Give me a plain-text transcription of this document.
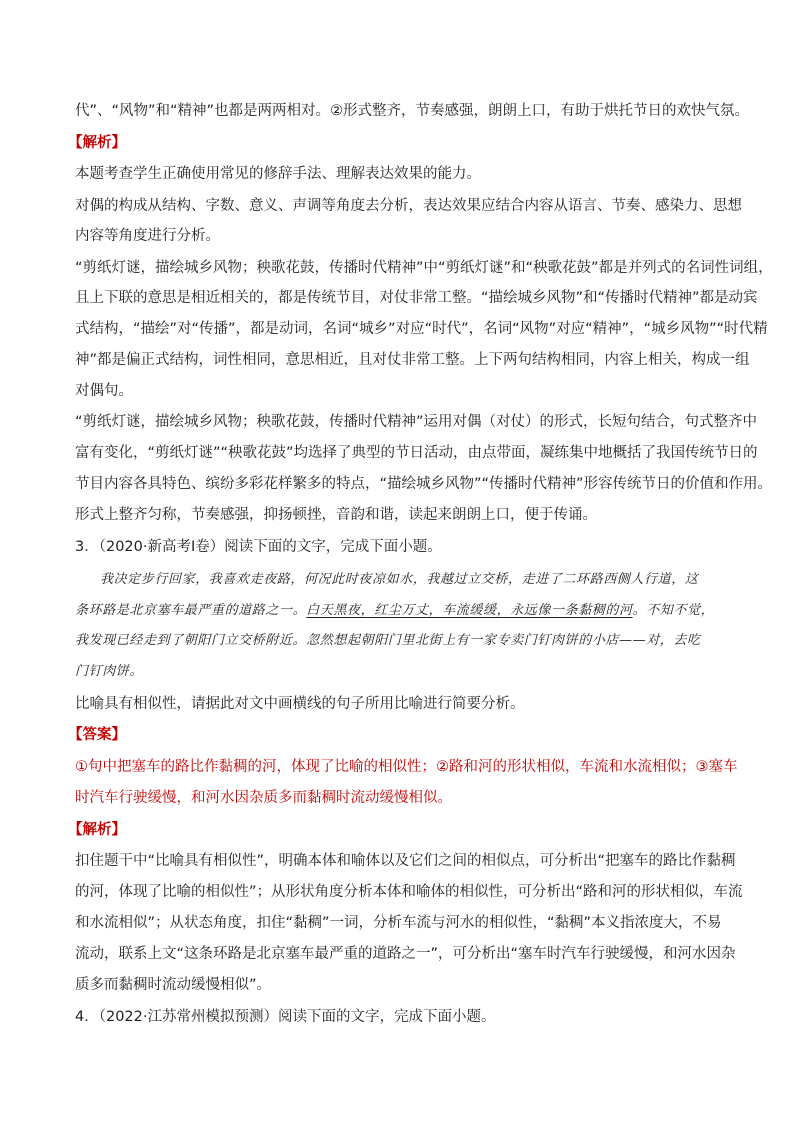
代”、“风物”和“精神”也都是两两相对。②形式整齐，节奏感强，朗朗上口，有助于烘托节日的欢快气氛。
【解析】
本题考查学生正确使用常见的修辞手法、理解表达效果的能力。
对偶的构成从结构、字数、意义、声调等角度去分析，表达效果应结合内容从语言、节奏、感染力、思想
内容等角度进行分析。
“剪纸灯谜，描绘城乡风物；秧歌花鼓，传播时代精神”中“剪纸灯谜”和“秧歌花鼓”都是并列式的名词性词组，
且上下联的意思是相近相关的，都是传统节目，对仗非常工整。“描绘城乡风物”和“传播时代精神”都是动宾
式结构，“描绘”对“传播”，都是动词，名词“城乡”对应“时代”，名词“风物”对应“精神”，“城乡风物”“时代精
神”都是偏正式结构，词性相同，意思相近，且对仗非常工整。上下两句结构相同，内容上相关，构成一组
对偶句。
“剪纸灯谜，描绘城乡风物；秧歌花鼓，传播时代精神”运用对偶（对仗）的形式，长短句结合，句式整齐中
富有变化，“剪纸灯谜”“秧歌花鼓”均选择了典型的节日活动，由点带面，凝练集中地概括了我国传统节日的
节目内容各具特色、缤纷多彩花样繁多的特点，“描绘城乡风物”“传播时代精神”形容传统节日的价值和作用。
形式上整齐匀称，节奏感强，抑扬顿挫，音韵和谐，读起来朗朗上口，便于传诵。
3．（2020·新高考Ⅰ卷）阅读下面的文字，完成下面小题。
我决定步行回家，我喜欢走夜路，何况此时夜凉如水，我越过立交桥，走进了二环路西侧人行道，这
条环路是北京塞车最严重的道路之一。白天黑夜，红尘万丈，车流缓缓，永远像一条黏稠的河。不知不觉，
我发现已经走到了朝阳门立交桥附近。忽然想起朝阳门里北街上有一家专卖门钉肉饼的小店——对，去吃
门钉肉饼。
比喻具有相似性，请据此对文中画横线的句子所用比喻进行简要分析。
【答案】
①句中把塞车的路比作黏稠的河，体现了比喻的相似性；②路和河的形状相似，车流和水流相似；③塞车
时汽车行驶缓慢，和河水因杂质多而黏稠时流动缓慢相似。
【解析】
扣住题干中“比喻具有相似性”，明确本体和喻体以及它们之间的相似点，可分析出“把塞车的路比作黏稠
的河，体现了比喻的相似性”；从形状角度分析本体和喻体的相似性，可分析出“路和河的形状相似，车流
和水流相似”；从状态角度，扣住“黏稠”一词，分析车流与河水的相似性，“黏稠”本义指浓度大，不易
流动，联系上文“这条环路是北京塞车最严重的道路之一”，可分析出“塞车时汽车行驶缓慢，和河水因杂
质多而黏稠时流动缓慢相似”。
4．（2022·江苏常州模拟预测）阅读下面的文字，完成下面小题。
